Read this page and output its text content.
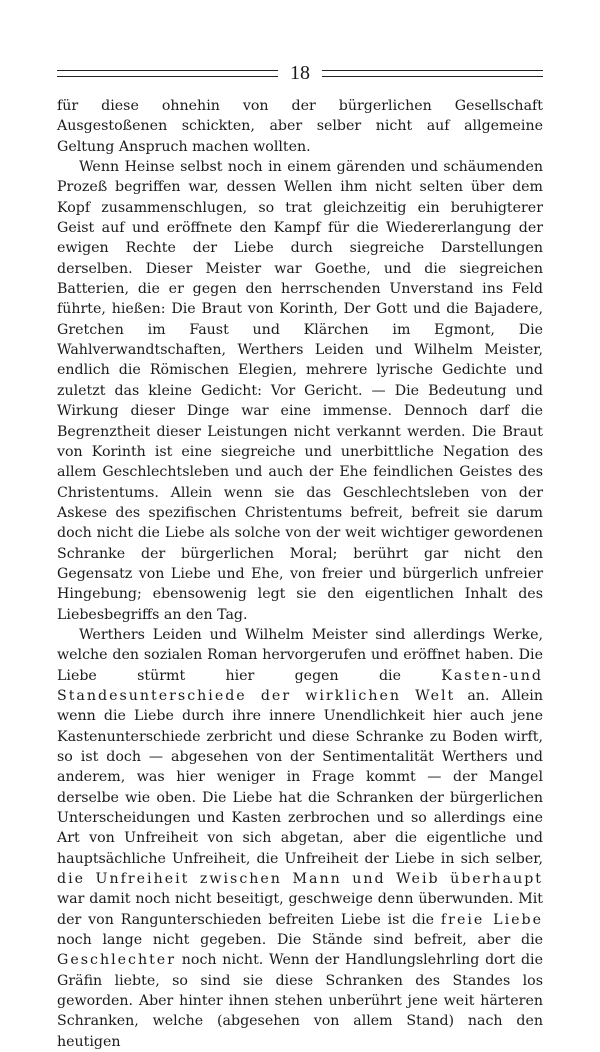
18

für diese ohnehin von der bürgerlichen Gesellschaft Ausgestoßenen schickten, aber selber nicht auf allgemeine Geltung Anspruch machen wollten.

Wenn Heinse selbst noch in einem gärenden und schäumenden Prozeß begriffen war, dessen Wellen ihm nicht selten über dem Kopf zusammenschlugen, so trat gleichzeitig ein beruhigterer Geist auf und eröffnete den Kampf für die Wiedererlangung der ewigen Rechte der Liebe durch siegreiche Darstellungen derselben. Dieser Meister war Goethe, und die siegreichen Batterien, die er gegen den herrschenden Unverstand ins Feld führte, hießen: Die Braut von Korinth, Der Gott und die Bajadere, Gretchen im Faust und Klärchen im Egmont, Die Wahlverwandtschaften, Werthers Leiden und Wilhelm Meister, endlich die Römischen Elegien, mehrere lyrische Gedichte und zuletzt das kleine Gedicht: Vor Gericht. — Die Bedeutung und Wirkung dieser Dinge war eine immense. Dennoch darf die Begrenztheit dieser Leistungen nicht verkannt werden. Die Braut von Korinth ist eine siegreiche und unerbittliche Negation des allem Geschlechtsleben und auch der Ehe feindlichen Geistes des Christentums. Allein wenn sie das Geschlechtsleben von der Askese des spezifischen Christentums befreit, befreit sie darum doch nicht die Liebe als solche von der weit wichtiger gewordenen Schranke der bürgerlichen Moral; berührt gar nicht den Gegensatz von Liebe und Ehe, von freier und bürgerlich unfreier Hingebung; ebensowenig legt sie den eigentlichen Inhalt des Liebesbegriffs an den Tag.

Werthers Leiden und Wilhelm Meister sind allerdings Werke, welche den sozialen Roman hervorgerufen und eröffnet haben. Die Liebe stürmt hier gegen die Kasten-und Standesunterschiede der wirklichen Welt an. Allein wenn die Liebe durch ihre innere Unendlichkeit hier auch jene Kastenunterschiede zerbricht und diese Schranke zu Boden wirft, so ist doch — abgesehen von der Sentimentalität Werthers und anderem, was hier weniger in Frage kommt — der Mangel derselbe wie oben. Die Liebe hat die Schranken der bürgerlichen Unterscheidungen und Kasten zerbrochen und so allerdings eine Art von Unfreiheit von sich abgetan, aber die eigentliche und hauptsächliche Unfreiheit, die Unfreiheit der Liebe in sich selber, die Unfreiheit zwischen Mann und Weib überhaupt war damit noch nicht beseitigt, geschweige denn überwunden. Mit der von Rangunterschieden befreiten Liebe ist die freie Liebe noch lange nicht gegeben. Die Stände sind befreit, aber die Geschlechter noch nicht. Wenn der Handlungslehrling dort die Gräfin liebte, so sind sie diese Schranken des Standes los geworden. Aber hinter ihnen stehen unberührt jene weit härteren Schranken, welche (abgesehen von allem Stand) nach den heutigen
